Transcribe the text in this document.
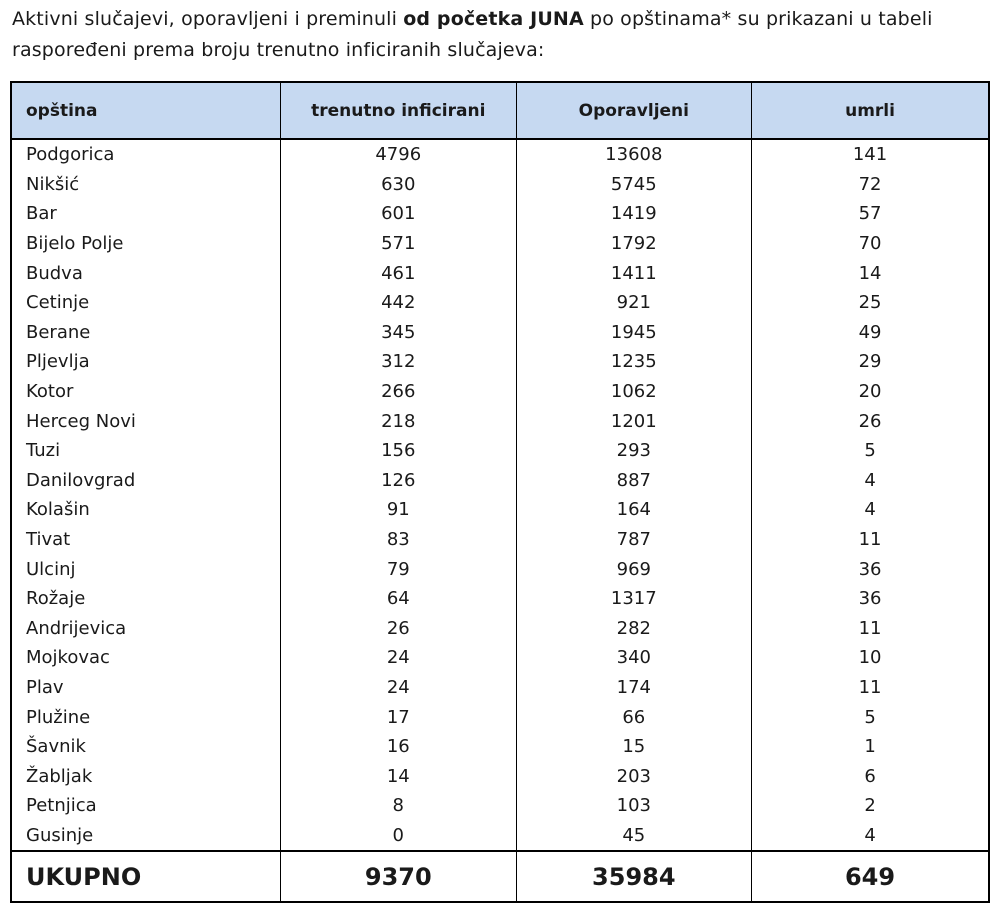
Aktivni slučajevi, oporavljeni i preminuli od početka JUNA po opštinama* su prikazani u tabeli raspoređeni prema broju trenutno inficiranih slučajeva:

opština	trenutno inficirani	Oporavljeni	umrli
Podgorica	4796	13608	141
Nikšić	630	5745	72
Bar	601	1419	57
Bijelo Polje	571	1792	70
Budva	461	1411	14
Cetinje	442	921	25
Berane	345	1945	49
Pljevlja	312	1235	29
Kotor	266	1062	20
Herceg Novi	218	1201	26
Tuzi	156	293	5
Danilovgrad	126	887	4
Kolašin	91	164	4
Tivat	83	787	11
Ulcinj	79	969	36
Rožaje	64	1317	36
Andrijevica	26	282	11
Mojkovac	24	340	10
Plav	24	174	11
Plužine	17	66	5
Šavnik	16	15	1
Žabljak	14	203	6
Petnjica	8	103	2
Gusinje	0	45	4
UKUPNO	9370	35984	649
